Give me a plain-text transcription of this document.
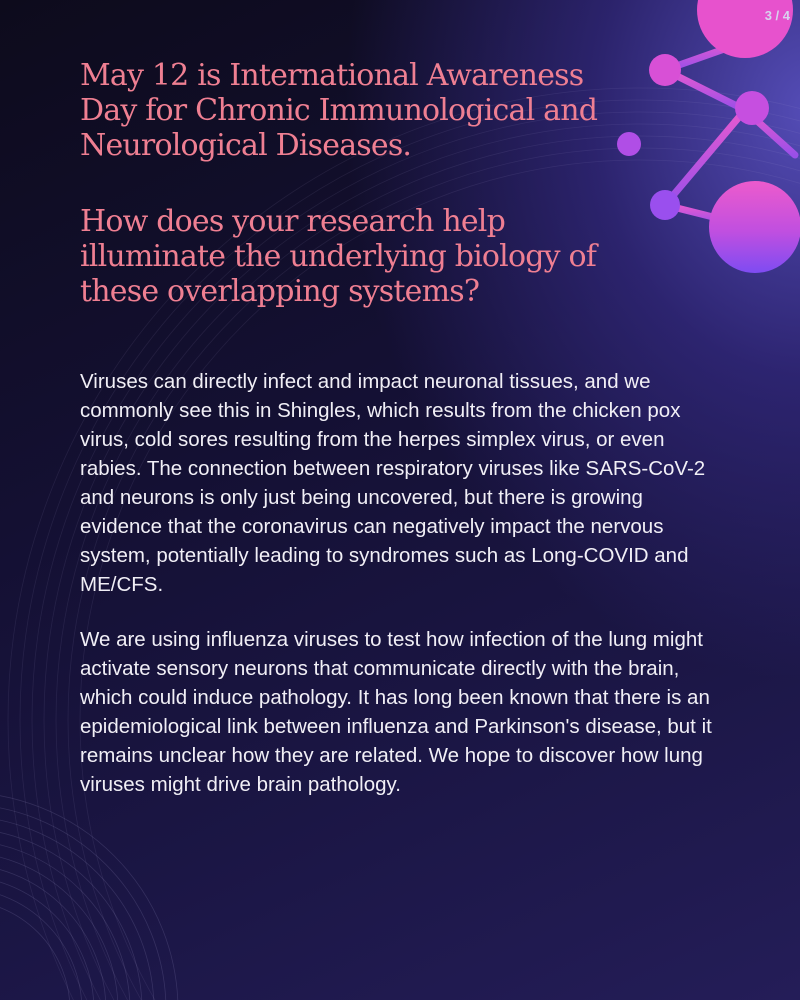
3 / 4
May 12 is International Awareness Day for Chronic Immunological and Neurological Diseases.
How does your research help illuminate the underlying biology of these overlapping systems?

Viruses can directly infect and impact neuronal tissues, and we commonly see this in Shingles, which results from the chicken pox virus, cold sores resulting from the herpes simplex virus, or even rabies. The connection between respiratory viruses like SARS-CoV-2 and neurons is only just being uncovered, but there is growing evidence that the coronavirus can negatively impact the nervous system, potentially leading to syndromes such as Long-COVID and ME/CFS.

We are using influenza viruses to test how infection of the lung might activate sensory neurons that communicate directly with the brain, which could induce pathology. It has long been known that there is an epidemiological link between influenza and Parkinson's disease, but it remains unclear how they are related. We hope to discover how lung viruses might drive brain pathology.
